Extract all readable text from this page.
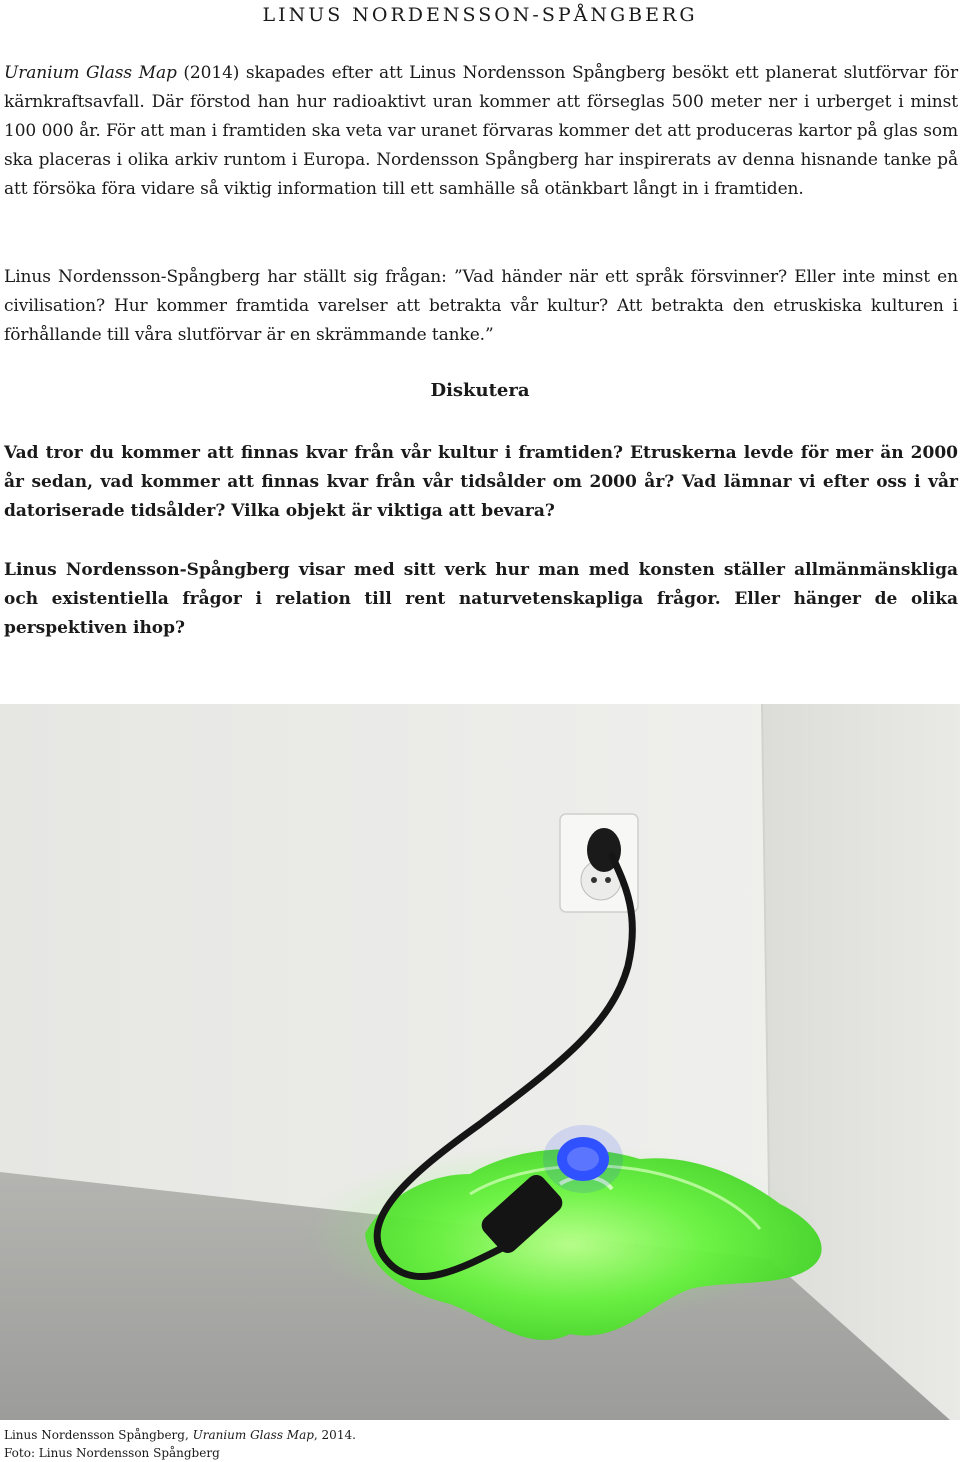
LINUS NORDENSSON-SPÅNGBERG

Uranium Glass Map (2014) skapades efter att Linus Nordensson Spångberg besökt ett planerat slutförvar för kärnkraftsavfall. Där förstod han hur radioaktivt uran kommer att förseglas 500 meter ner i urberget i minst 100 000 år. För att man i framtiden ska veta var uranet förvaras kommer det att produceras kartor på glas som ska placeras i olika arkiv runtom i Europa. Nordensson Spångberg har inspirerats av denna hisnande tanke på att försöka föra vidare så viktig information till ett samhälle så otänkbart långt in i framtiden.

Linus Nordensson-Spångberg har ställt sig frågan: ”Vad händer när ett språk försvinner? Eller inte minst en civilisation? Hur kommer framtida varelser att betrakta vår kultur? Att betrakta den etruskiska kulturen i förhållande till våra slutförvar är en skrämmande tanke.”

Diskutera

Vad tror du kommer att finnas kvar från vår kultur i framtiden? Etruskerna levde för mer än 2000 år sedan, vad kommer att finnas kvar från vår tidsålder om 2000 år? Vad lämnar vi efter oss i vår datoriserade tidsålder? Vilka objekt är viktiga att bevara?

Linus Nordensson-Spångberg visar med sitt verk hur man med konsten ställer allmänmänskliga och existentiella frågor i relation till rent naturvetenskapliga frågor. Eller hänger de olika perspektiven ihop?

Linus Nordensson Spångberg, Uranium Glass Map, 2014.

Foto: Linus Nordensson Spångberg
